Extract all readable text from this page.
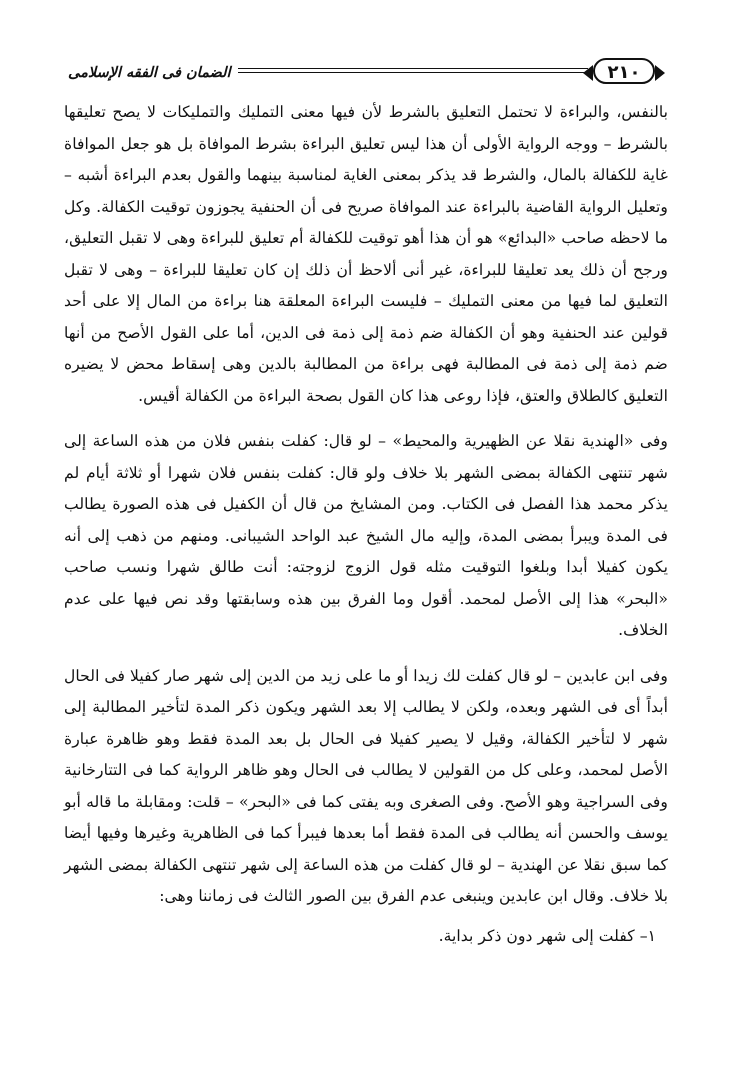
الضمان فى الفقه الإسلامى	٢١٠

بالنفس، والبراءة لا تحتمل التعليق بالشرط لأن فيها معنى التمليك والتمليكات لا يصح تعليقها بالشرط – ووجه الرواية الأولى أن هذا ليس تعليق البراءة بشرط الموافاة بل هو جعل الموافاة غاية للكفالة بالمال، والشرط قد يذكر بمعنى الغاية لمناسبة بينهما والقول بعدم البراءة أشبه – وتعليل الرواية القاضية بالبراءة عند الموافاة صريح فى أن الحنفية يجوزون توقيت الكفالة. وكل ما لاحظه صاحب «البدائع» هو أن هذا أهو توقيت للكفالة أم تعليق للبراءة وهى لا تقبل التعليق، ورجح أن ذلك يعد تعليقا للبراءة، غير أنى ألاحظ أن ذلك إن كان تعليقا للبراءة – وهى لا تقبل التعليق لما فيها من معنى التمليك – فليست البراءة المعلقة هنا براءة من المال إلا على أحد قولين عند الحنفية وهو أن الكفالة ضم ذمة إلى ذمة فى الدين، أما على القول الأصح من أنها ضم ذمة إلى ذمة فى المطالبة فهى براءة من المطالبة بالدين وهى إسقاط محض لا يضيره التعليق كالطلاق والعتق، فإذا روعى هذا كان القول بصحة البراءة من الكفالة أقيس.

وفى «الهندية نقلا عن الظهيرية والمحيط» – لو قال: كفلت بنفس فلان من هذه الساعة إلى شهر تنتهى الكفالة بمضى الشهر بلا خلاف ولو قال: كفلت بنفس فلان شهرا أو ثلاثة أيام لم يذكر محمد هذا الفصل فى الكتاب. ومن المشايخ من قال أن الكفيل فى هذه الصورة يطالب فى المدة ويبرأ بمضى المدة، وإليه مال الشيخ عبد الواحد الشيبانى. ومنهم من ذهب إلى أنه يكون كفيلا أبدا وبلغوا التوقيت مثله قول الزوج لزوجته: أنت طالق شهرا ونسب صاحب «البحر» هذا إلى الأصل لمحمد. أقول وما الفرق بين هذه وسابقتها وقد نص فيها على عدم الخلاف.

وفى ابن عابدين – لو قال كفلت لك زيدا أو ما على زيد من الدين إلى شهر صار كفيلا فى الحال أبداً أى فى الشهر وبعده، ولكن لا يطالب إلا بعد الشهر ويكون ذكر المدة لتأخير المطالبة إلى شهر لا لتأخير الكفالة، وقيل لا يصير كفيلا فى الحال بل بعد المدة فقط وهو ظاهرة عبارة الأصل لمحمد، وعلى كل من القولين لا يطالب فى الحال وهو ظاهر الرواية كما فى التتارخانية وفى السراجية وهو الأصح. وفى الصغرى وبه يفتى كما فى «البحر» – قلت: ومقابلة ما قاله أبو يوسف والحسن أنه يطالب فى المدة فقط أما بعدها فيبرأ كما فى الظاهرية وغيرها وفيها أيضا كما سبق نقلا عن الهندية – لو قال كفلت من هذه الساعة إلى شهر تنتهى الكفالة بمضى الشهر بلا خلاف. وقال ابن عابدين وينبغى عدم الفرق بين الصور الثالث فى زماننا وهى:

١– كفلت إلى شهر دون ذكر بداية.
